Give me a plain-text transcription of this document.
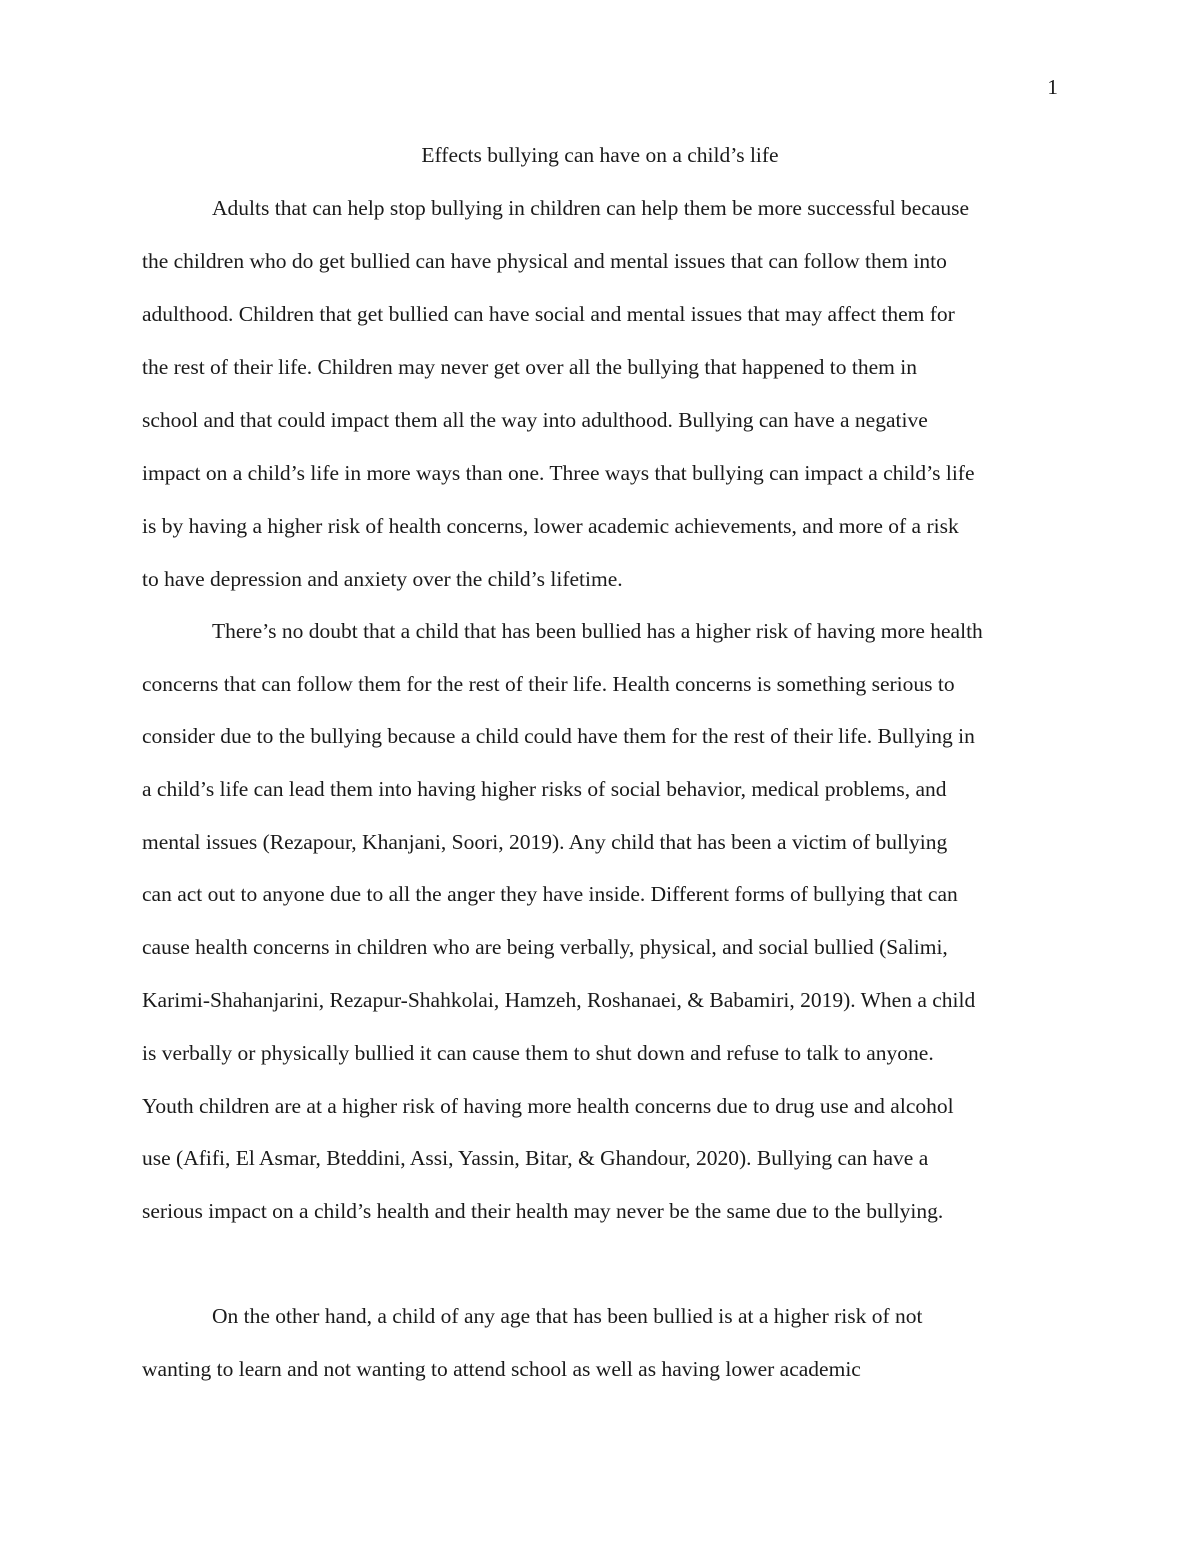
1
Effects bullying can have on a child’s life
Adults that can help stop bullying in children can help them be more successful because
the children who do get bullied can have physical and mental issues that can follow them into
adulthood. Children that get bullied can have social and mental issues that may affect them for
the rest of their life. Children may never get over all the bullying that happened to them in
school and that could impact them all the way into adulthood. Bullying can have a negative
impact on a child’s life in more ways than one. Three ways that bullying can impact a child’s life
is by having a higher risk of health concerns, lower academic achievements, and more of a risk
to have depression and anxiety over the child’s lifetime.
There’s no doubt that a child that has been bullied has a higher risk of having more health
concerns that can follow them for the rest of their life. Health concerns is something serious to
consider due to the bullying because a child could have them for the rest of their life. Bullying in
a child’s life can lead them into having higher risks of social behavior, medical problems, and
mental issues (Rezapour, Khanjani, Soori, 2019). Any child that has been a victim of bullying
can act out to anyone due to all the anger they have inside. Different forms of bullying that can
cause health concerns in children who are being verbally, physical, and social bullied (Salimi,
Karimi-Shahanjarini, Rezapur-Shahkolai, Hamzeh, Roshanaei, & Babamiri, 2019). When a child
is verbally or physically bullied it can cause them to shut down and refuse to talk to anyone.
Youth children are at a higher risk of having more health concerns due to drug use and alcohol
use (Afifi, El Asmar, Bteddini, Assi, Yassin, Bitar, & Ghandour, 2020). Bullying can have a
serious impact on a child’s health and their health may never be the same due to the bullying.
On the other hand, a child of any age that has been bullied is at a higher risk of not
wanting to learn and not wanting to attend school as well as having lower academic
